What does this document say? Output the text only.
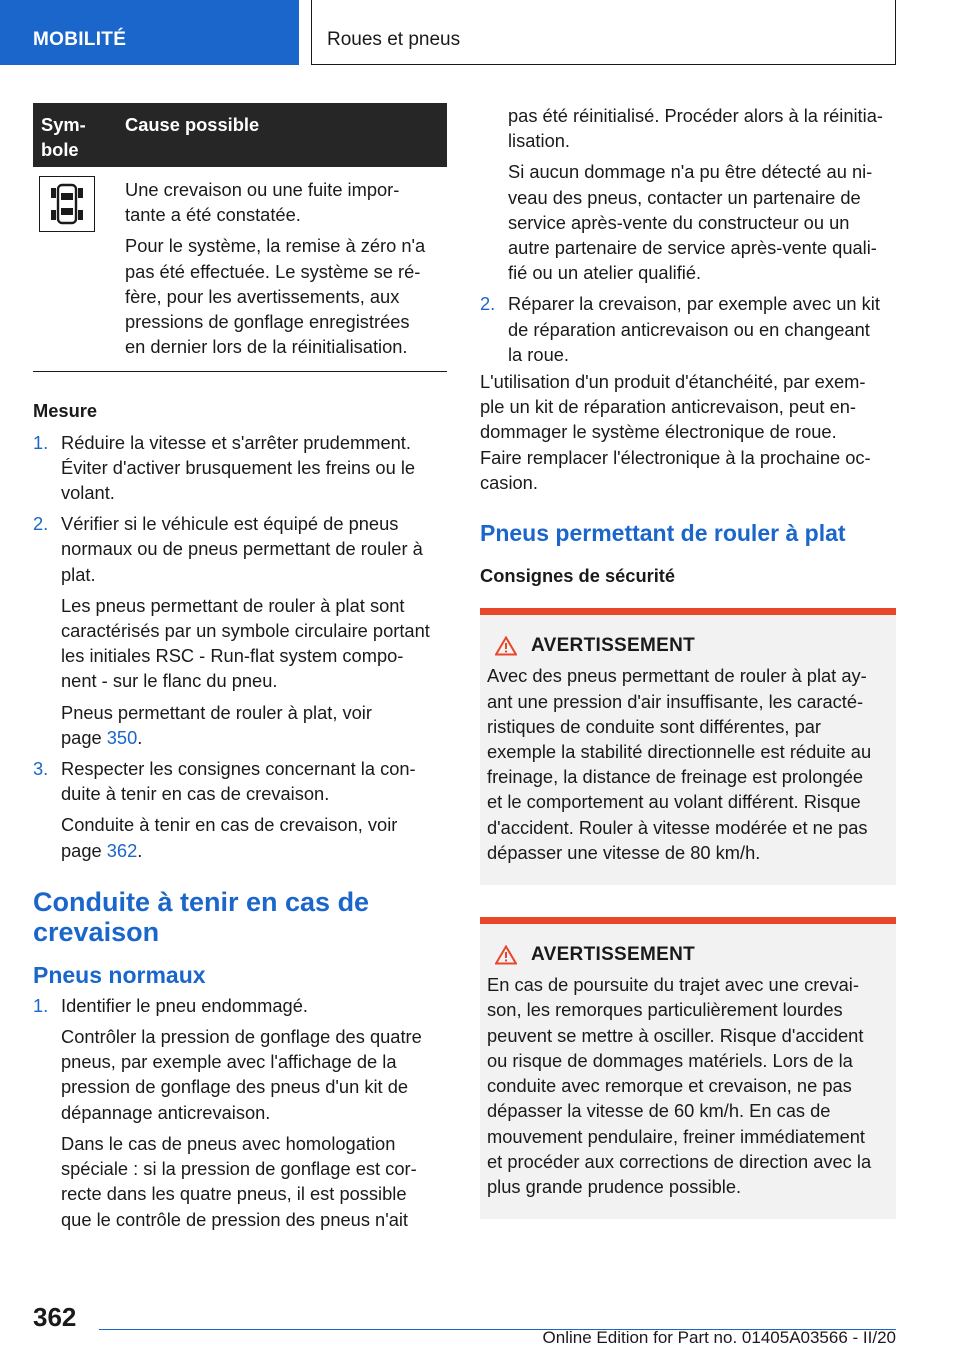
MOBILITÉ	Roues et pneus
Sym-
bole
Cause possible

Une crevaison ou une fuite impor-
tante a été constatée.

Pour le système, la remise à zéro n'a
pas été effectuée. Le système se ré-
fère, pour les avertissements, aux
pressions de gonflage enregistrées
en dernier lors de la réinitialisation.

Mesure
1. Réduire la vitesse et s'arrêter prudemment.
Éviter d'activer brusquement les freins ou le
volant.

2. Vérifier si le véhicule est équipé de pneus
normaux ou de pneus permettant de rouler à
plat.

Les pneus permettant de rouler à plat sont
caractérisés par un symbole circulaire portant
les initiales RSC - Run-flat system compo-
nent - sur le flanc du pneu.

Pneus permettant de rouler à plat, voir
page 350.

3. Respecter les consignes concernant la con-
duite à tenir en cas de crevaison.

Conduite à tenir en cas de crevaison, voir
page 362.

Conduite à tenir en cas de
crevaison
Pneus normaux
1. Identifier le pneu endommagé.

Contrôler la pression de gonflage des quatre
pneus, par exemple avec l'affichage de la
pression de gonflage des pneus d'un kit de
dépannage anticrevaison.

Dans le cas de pneus avec homologation
spéciale : si la pression de gonflage est cor-
recte dans les quatre pneus, il est possible
que le contrôle de pression des pneus n'ait

pas été réinitialisé. Procéder alors à la réinitia-
lisation.

Si aucun dommage n'a pu être détecté au ni-
veau des pneus, contacter un partenaire de
service après-vente du constructeur ou un
autre partenaire de service après-vente quali-
fié ou un atelier qualifié.

2. Réparer la crevaison, par exemple avec un kit
de réparation anticrevaison ou en changeant
la roue.

L'utilisation d'un produit d'étanchéité, par exem-
ple un kit de réparation anticrevaison, peut en-
dommager le système électronique de roue.
Faire remplacer l'électronique à la prochaine oc-
casion.

Pneus permettant de rouler à plat
Consignes de sécurité
AVERTISSEMENT

Avec des pneus permettant de rouler à plat ay-
ant une pression d'air insuffisante, les caracté-
ristiques de conduite sont différentes, par
exemple la stabilité directionnelle est réduite au
freinage, la distance de freinage est prolongée
et le comportement au volant différent. Risque
d'accident. Rouler à vitesse modérée et ne pas
dépasser une vitesse de 80 km/h.

AVERTISSEMENT

En cas de poursuite du trajet avec une crevai-
son, les remorques particulièrement lourdes
peuvent se mettre à osciller. Risque d'accident
ou risque de dommages matériels. Lors de la
conduite avec remorque et crevaison, ne pas
dépasser la vitesse de 60 km/h. En cas de
mouvement pendulaire, freiner immédiatement
et procéder aux corrections de direction avec la
plus grande prudence possible.

362
Online Edition for Part no. 01405A03566 - II/20
